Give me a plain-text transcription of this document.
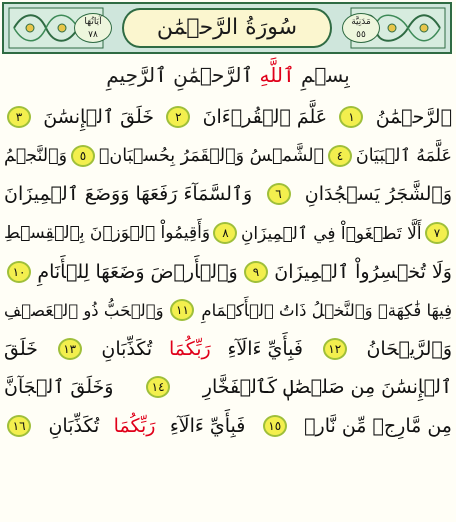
آيَاتُهَا
٧٨
مَدَنِيَّة
٥٥
سُورَةُ الرَّحۡمَٰن
بِسۡمِ ٱللَّهِ ٱلرَّحۡمَٰنِ ٱلرَّحِيمِ
ٱلرَّحۡمَٰنُ
١
عَلَّمَ ٱلۡقُرۡءَانَ
٢
خَلَقَ ٱلۡإِنسَٰنَ
٣
عَلَّمَهُ ٱلۡبَيَانَ
٤
ٱلشَّمۡسُ وَٱلۡقَمَرُ بِحُسۡبَانٖ
٥
وَٱلنَّجۡمُ
وَٱلشَّجَرُ يَسۡجُدَانِ
٦
وَٱلسَّمَآءَ رَفَعَهَا وَوَضَعَ ٱلۡمِيزَانَ
٧
أَلَّا تَطۡغَوۡاْ فِي ٱلۡمِيزَانِ
٨
وَأَقِيمُواْ ٱلۡوَزۡنَ بِٱلۡقِسۡطِ
وَلَا تُخۡسِرُواْ ٱلۡمِيزَانَ
٩
وَٱلۡأَرۡضَ وَضَعَهَا لِلۡأَنَامِ
١٠
فِيهَا فَٰكِهَةٞ وَٱلنَّخۡلُ ذَاتُ ٱلۡأَكۡمَامِ
١١
وَٱلۡحَبُّ ذُو ٱلۡعَصۡفِ
وَٱلرَّيۡحَانُ
١٢
فَبِأَيِّ ءَالَآءِ
رَبِّكُمَا
تُكَذِّبَانِ
١٣
خَلَقَ
ٱلۡإِنسَٰنَ مِن صَلۡصَٰلٖ كَٱلۡفَخَّارِ
١٤
وَخَلَقَ ٱلۡجَآنَّ
مِن مَّارِجٖ مِّن نَّارٖ
١٥
فَبِأَيِّ ءَالَآءِ
رَبِّكُمَا
تُكَذِّبَانِ
١٦
